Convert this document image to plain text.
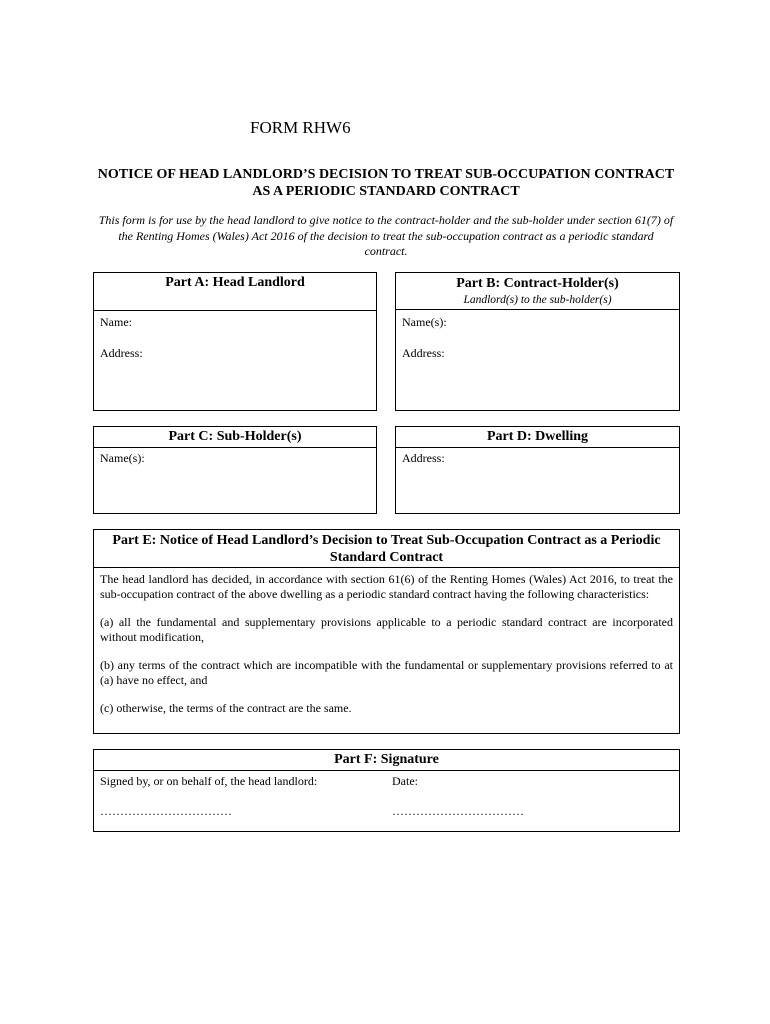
FORM RHW6
NOTICE OF HEAD LANDLORD’S DECISION TO TREAT SUB-OCCUPATION CONTRACT AS A PERIODIC STANDARD CONTRACT
This form is for use by the head landlord to give notice to the contract-holder and the sub-holder under section 61(7) of the Renting Homes (Wales) Act 2016 of the decision to treat the sub-occupation contract as a periodic standard contract.
Part A: Head Landlord
Name:
Address:
Part B: Contract-Holder(s)
Landlord(s) to the sub-holder(s)
Name(s):
Address:
Part C: Sub-Holder(s)
Name(s):
Part D: Dwelling
Address:
Part E: Notice of Head Landlord’s Decision to Treat Sub-Occupation Contract as a Periodic Standard Contract

The head landlord has decided, in accordance with section 61(6) of the Renting Homes (Wales) Act 2016, to treat the sub-occupation contract of the above dwelling as a periodic standard contract having the following characteristics:

(a) all the fundamental and supplementary provisions applicable to a periodic standard contract are incorporated without modification,

(b) any terms of the contract which are incompatible with the fundamental or supplementary provisions referred to at (a) have no effect, and

(c) otherwise, the terms of the contract are the same.

Part F: Signature
Signed by, or on behalf of, the head landlord:	Date:
……………………………	……………………………
